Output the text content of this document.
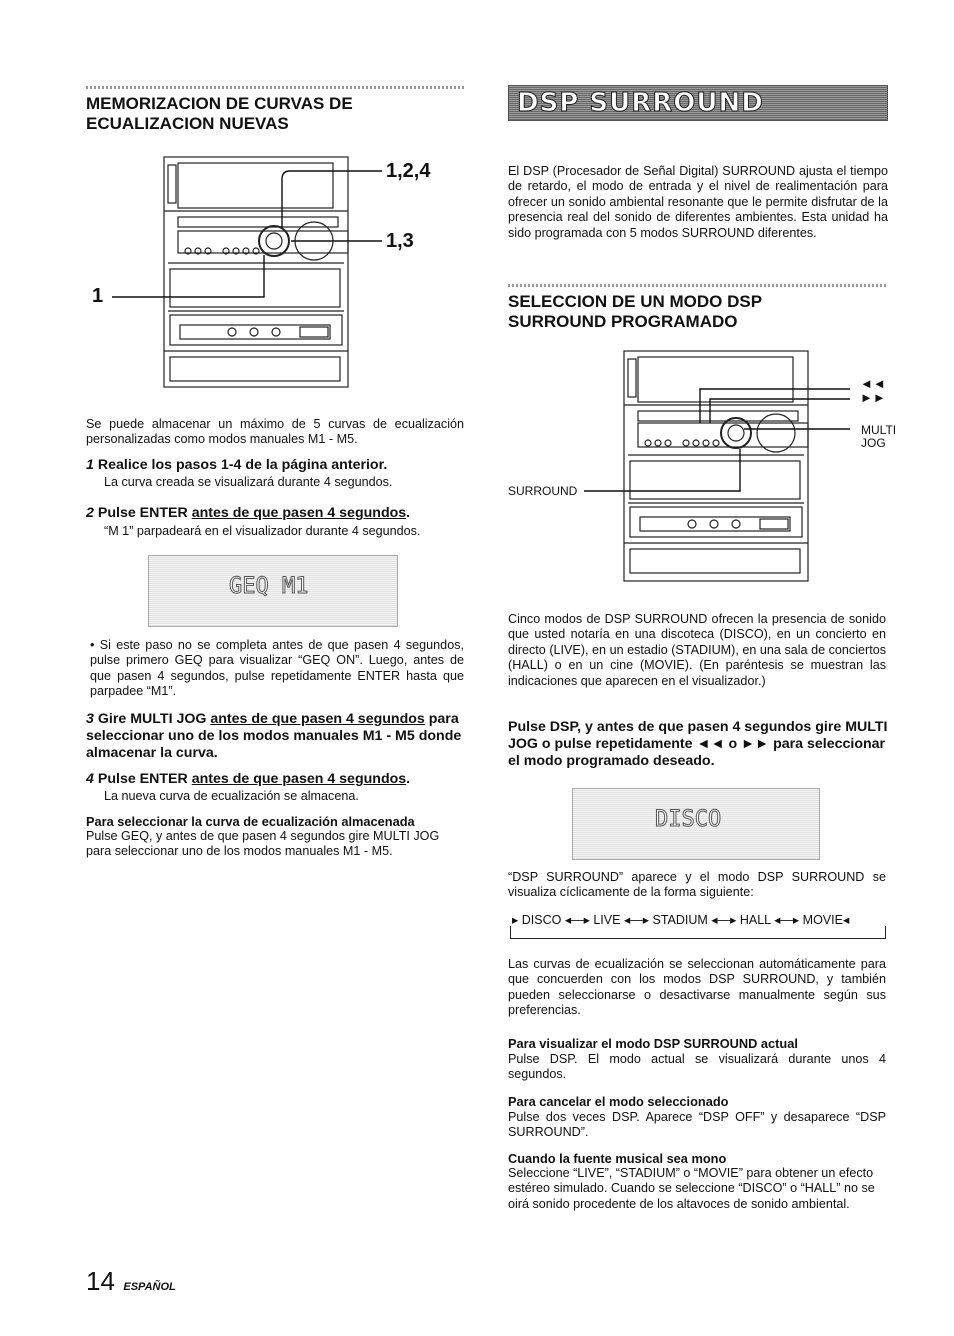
MEMORIZACION DE CURVAS DE ECUALIZACION NUEVAS
1,2,4
1,3
1

Se puede almacenar un máximo de 5 curvas de ecualización personalizadas como modos manuales M1 - M5.

1 Realice los pasos 1-4 de la página anterior.

La curva creada se visualizará durante 4 segundos.

2 Pulse ENTER antes de que pasen 4 segundos.

“M 1” parpadeará en el visualizador durante 4 segundos.

GEQ M1

• Si este paso no se completa antes de que pasen 4 segundos, pulse primero GEQ para visualizar “GEQ ON”. Luego, antes de que pasen 4 segundos, pulse repetidamente ENTER hasta que parpadee “M1”.

3 Gire MULTI JOG antes de que pasen 4 segundos para seleccionar uno de los modos manuales M1 - M5 donde almacenar la curva.

4 Pulse ENTER antes de que pasen 4 segundos.

La nueva curva de ecualización se almacena.

Para seleccionar la curva de ecualización almacenada

Pulse GEQ, y antes de que pasen 4 segundos gire MULTI JOG para seleccionar uno de los modos manuales M1 - M5.

DSP SURROUND

El DSP (Procesador de Señal Digital) SURROUND ajusta el tiempo de retardo, el modo de entrada y el nivel de realimentación para ofrecer un sonido ambiental resonante que le permite disfrutar de la presencia real del sonido de diferentes ambientes. Esta unidad ha sido programada con 5 modos SURROUND diferentes.

SELECCION DE UN MODO DSP SURROUND PROGRAMADO
◄◄
►►
MULTI JOG
SURROUND

Cinco modos de DSP SURROUND ofrecen la presencia de sonido que usted notaría en una discoteca (DISCO), en un concierto en directo (LIVE), en un estadio (STADIUM), en una sala de conciertos (HALL) o en un cine (MOVIE). (En paréntesis se muestran las indicaciones que aparecen en el visualizador.)

Pulse DSP, y antes de que pasen 4 segundos gire MULTI JOG o pulse repetidamente ◄◄ o ►► para seleccionar el modo programado deseado.

DISCO

“DSP SURROUND” aparece y el modo DSP SURROUND se visualiza cíclicamente de la forma siguiente:

▸ DISCO ◂—▸ LIVE ◂—▸ STADIUM ◂—▸ HALL ◂—▸ MOVIE◂

Las curvas de ecualización se seleccionan automáticamente para que concuerden con los modos DSP SURROUND, y también pueden seleccionarse o desactivarse manualmente según sus preferencias.

Para visualizar el modo DSP SURROUND actual

Pulse DSP. El modo actual se visualizará durante unos 4 segundos.

Para cancelar el modo seleccionado

Pulse dos veces DSP. Aparece “DSP OFF” y desaparece “DSP SURROUND”.

Cuando la fuente musical sea mono

Seleccione “LIVE”, “STADIUM” o “MOVIE” para obtener un efecto estéreo simulado. Cuando se seleccione “DISCO” o “HALL” no se oirá sonido procedente de los altavoces de sonido ambiental.

14 ESPAÑOL
